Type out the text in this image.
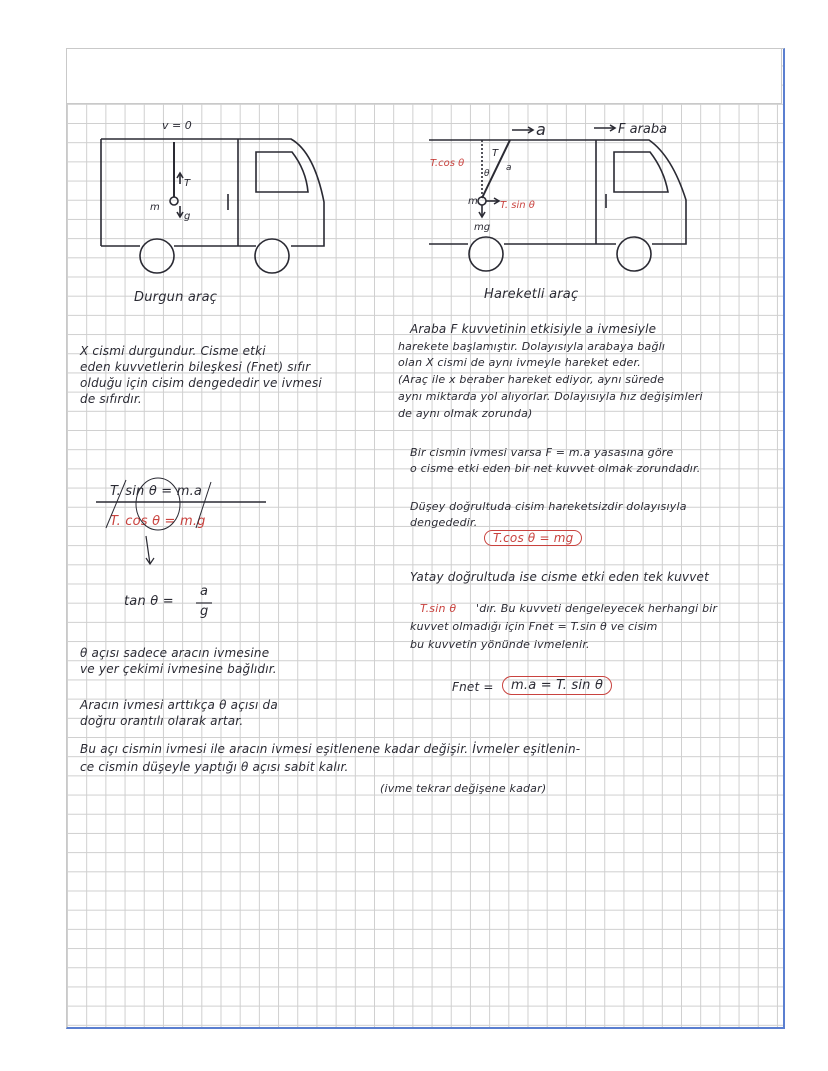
v = 0
T
g
m
a	F araba
T.cos θ
T
a
θ
m T. sin θ
mg
Durgun araç	Hareketli araç
X cismi durgundur. Cisme etki
eden kuvvetlerin bileşkesi (Fnet) sıfır
olduğu için cisim dengededir ve ivmesi
de sıfırdır.
T. sin θ = m.a
T. cos θ = m.g
tan θ =
a
g
θ açısı sadece aracın ivmesine
ve yer çekimi ivmesine bağlıdır.
Aracın ivmesi arttıkça θ açısı da
doğru orantılı olarak artar.
Araba F kuvvetinin etkisiyle a ivmesiyle
harekete başlamıştır. Dolayısıyla arabaya bağlı
olan X cismi de aynı ivmeyle hareket eder.
(Araç ile x beraber hareket ediyor, aynı sürede
aynı miktarda yol alıyorlar. Dolayısıyla hız değişimleri
de aynı olmak zorunda)
Bir cismin ivmesi varsa F = m.a yasasına göre
o cisme etki eden bir net kuvvet olmak zorundadır.
Düşey doğrultuda cisim hareketsizdir dolayısıyla
dengededir.
T.cos θ = mg
Yatay doğrultuda ise cisme etki eden tek kuvvet
T.sin θ 'dır. Bu kuvveti dengeleyecek herhangi bir
kuvvet olmadığı için Fnet = T.sin θ ve cisim
bu kuvvetin yönünde ivmelenir.
Fnet =	m.a = T. sin θ
Bu açı cismin ivmesi ile aracın ivmesi eşitlenene kadar değişir. İvmeler eşitlenin-
ce cismin düşeyle yaptığı θ açısı sabit kalır.
(ivme tekrar değişene kadar)
